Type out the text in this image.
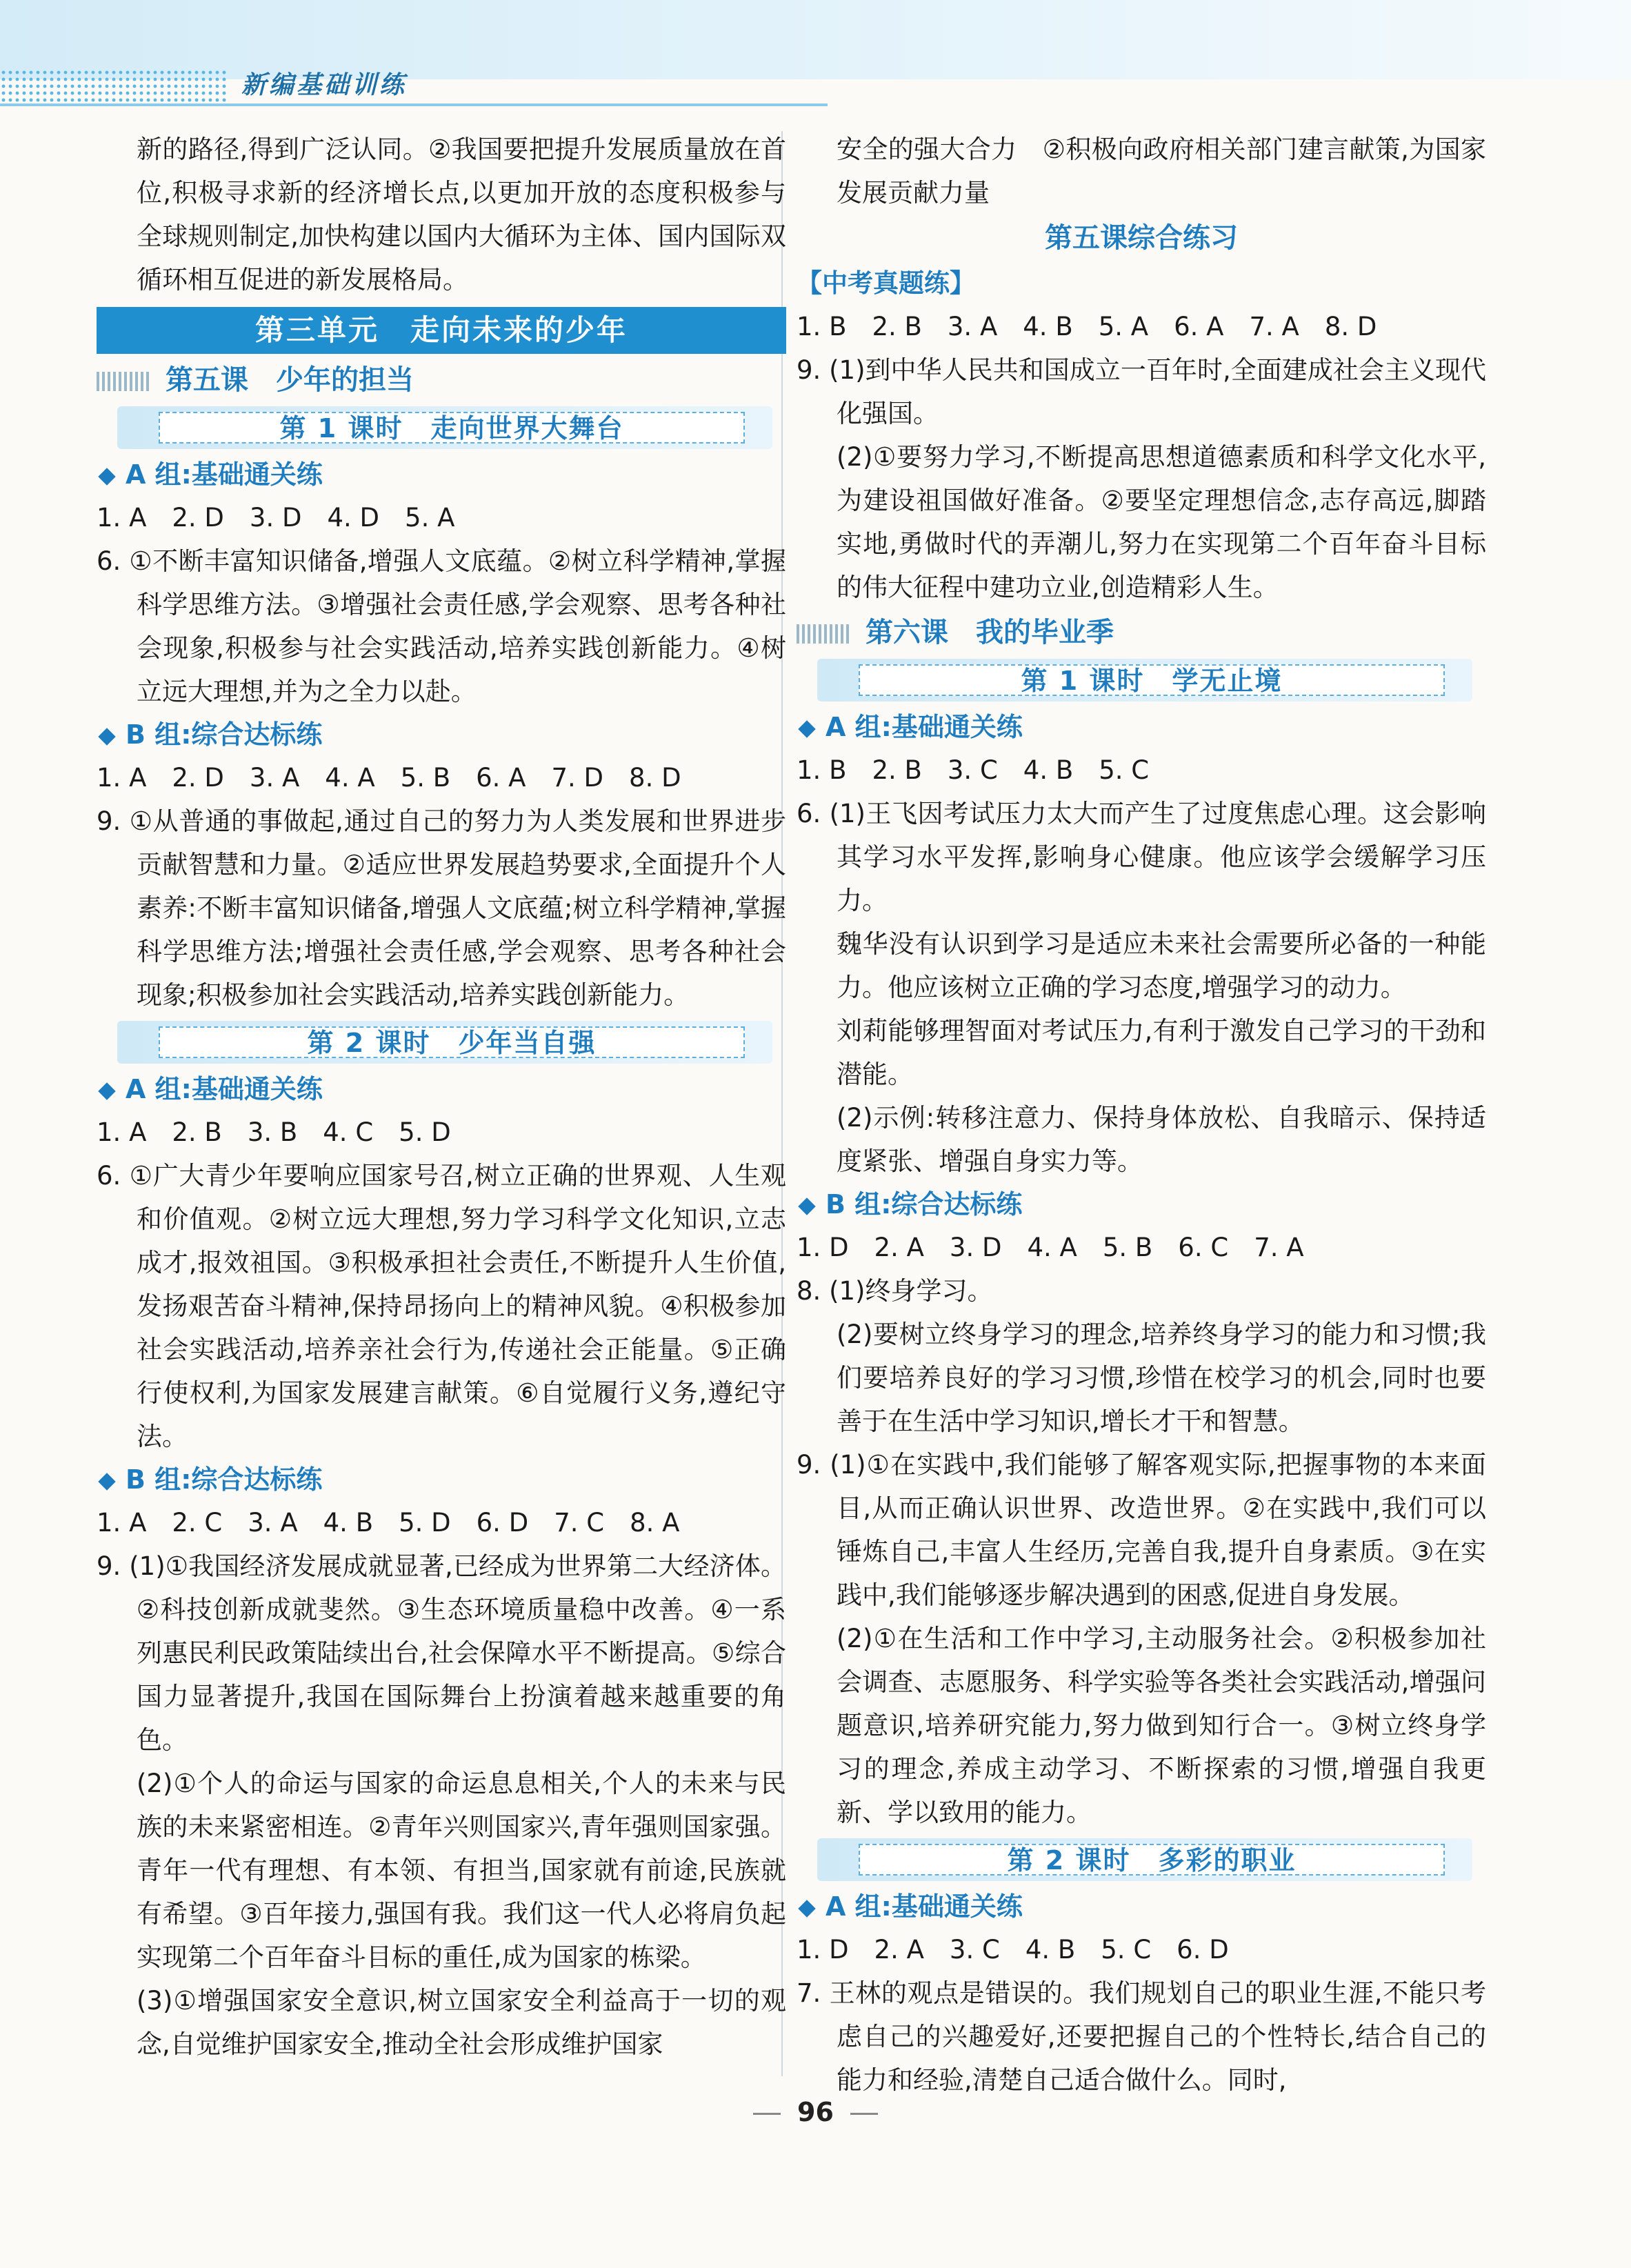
新编基础训练

新的路径,得到广泛认同。②我国要把提升发展质量放在首位,积极寻求新的经济增长点,以更加开放的态度积极参与全球规则制定,加快构建以国内大循环为主体、国内国际双循环相互促进的新发展格局。

第三单元　走向未来的少年
第五课　少年的担当
第 1 课时　走向世界大舞台
A 组:基础通关练

1. A　2. D　3. D　4. D　5. A

6. ①不断丰富知识储备,增强人文底蕴。②树立科学精神,掌握科学思维方法。③增强社会责任感,学会观察、思考各种社会现象,积极参与社会实践活动,培养实践创新能力。④树立远大理想,并为之全力以赴。

B 组:综合达标练

1. A　2. D　3. A　4. A　5. B　6. A　7. D　8. D

9. ①从普通的事做起,通过自己的努力为人类发展和世界进步贡献智慧和力量。②适应世界发展趋势要求,全面提升个人素养:不断丰富知识储备,增强人文底蕴;树立科学精神,掌握科学思维方法;增强社会责任感,学会观察、思考各种社会现象;积极参加社会实践活动,培养实践创新能力。

第 2 课时　少年当自强
A 组:基础通关练

1. A　2. B　3. B　4. C　5. D

6. ①广大青少年要响应国家号召,树立正确的世界观、人生观和价值观。②树立远大理想,努力学习科学文化知识,立志成才,报效祖国。③积极承担社会责任,不断提升人生价值,发扬艰苦奋斗精神,保持昂扬向上的精神风貌。④积极参加社会实践活动,培养亲社会行为,传递社会正能量。⑤正确行使权利,为国家发展建言献策。⑥自觉履行义务,遵纪守法。

B 组:综合达标练

1. A　2. C　3. A　4. B　5. D　6. D　7. C　8. A

9. (1)①我国经济发展成就显著,已经成为世界第二大经济体。②科技创新成就斐然。③生态环境质量稳中改善。④一系列惠民利民政策陆续出台,社会保障水平不断提高。⑤综合国力显著提升,我国在国际舞台上扮演着越来越重要的角色。

(2)①个人的命运与国家的命运息息相关,个人的未来与民族的未来紧密相连。②青年兴则国家兴,青年强则国家强。青年一代有理想、有本领、有担当,国家就有前途,民族就有希望。③百年接力,强国有我。我们这一代人必将肩负起实现第二个百年奋斗目标的重任,成为国家的栋梁。

(3)①增强国家安全意识,树立国家安全利益高于一切的观念,自觉维护国家安全,推动全社会形成维护国家

安全的强大合力　②积极向政府相关部门建言献策,为国家发展贡献力量

第五课综合练习
【中考真题练】

1. B　2. B　3. A　4. B　5. A　6. A　7. A　8. D

9. (1)到中华人民共和国成立一百年时,全面建成社会主义现代化强国。

(2)①要努力学习,不断提高思想道德素质和科学文化水平,为建设祖国做好准备。②要坚定理想信念,志存高远,脚踏实地,勇做时代的弄潮儿,努力在实现第二个百年奋斗目标的伟大征程中建功立业,创造精彩人生。

第六课　我的毕业季
第 1 课时　学无止境
A 组:基础通关练

1. B　2. B　3. C　4. B　5. C

6. (1)王飞因考试压力太大而产生了过度焦虑心理。这会影响其学习水平发挥,影响身心健康。他应该学会缓解学习压力。

魏华没有认识到学习是适应未来社会需要所必备的一种能力。他应该树立正确的学习态度,增强学习的动力。

刘莉能够理智面对考试压力,有利于激发自己学习的干劲和潜能。

(2)示例:转移注意力、保持身体放松、自我暗示、保持适度紧张、增强自身实力等。

B 组:综合达标练

1. D　2. A　3. D　4. A　5. B　6. C　7. A

8. (1)终身学习。

(2)要树立终身学习的理念,培养终身学习的能力和习惯;我们要培养良好的学习习惯,珍惜在校学习的机会,同时也要善于在生活中学习知识,增长才干和智慧。

9. (1)①在实践中,我们能够了解客观实际,把握事物的本来面目,从而正确认识世界、改造世界。②在实践中,我们可以锤炼自己,丰富人生经历,完善自我,提升自身素质。③在实践中,我们能够逐步解决遇到的困惑,促进自身发展。

(2)①在生活和工作中学习,主动服务社会。②积极参加社会调查、志愿服务、科学实验等各类社会实践活动,增强问题意识,培养研究能力,努力做到知行合一。③树立终身学习的理念,养成主动学习、不断探索的习惯,增强自我更新、学以致用的能力。

第 2 课时　多彩的职业
A 组:基础通关练

1. D　2. A　3. C　4. B　5. C　6. D

7. 王林的观点是错误的。我们规划自己的职业生涯,不能只考虑自己的兴趣爱好,还要把握自己的个性特长,结合自己的能力和经验,清楚自己适合做什么。同时,

96
